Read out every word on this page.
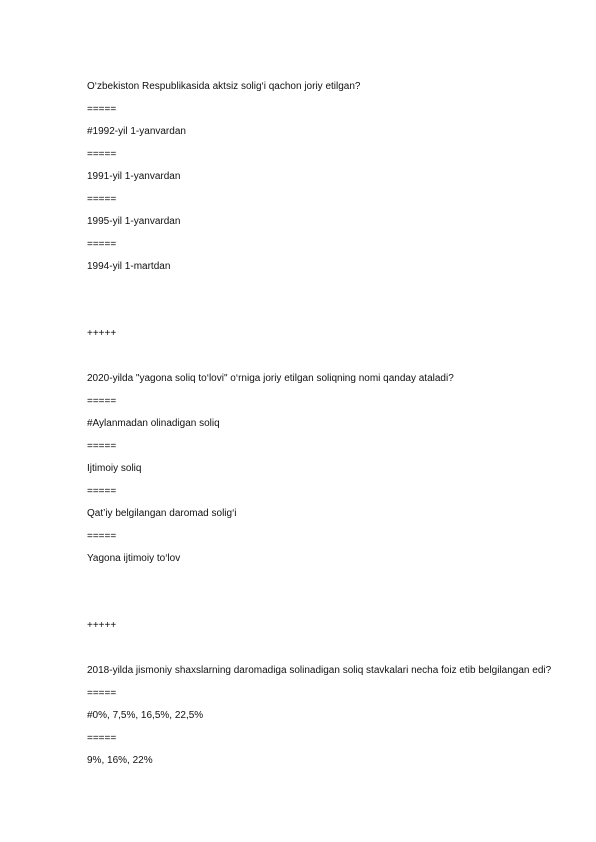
O‘zbekiston Respublikasida aktsiz solig‘i qachon joriy etilgan?
=====
#1992-yil 1-yanvardan
=====
1991-yil 1-yanvardan
=====
1995-yil 1-yanvardan
=====
1994-yil 1-martdan
+++++
2020-yilda "yagona soliq to‘lovi" o‘rniga joriy etilgan soliqning nomi qanday ataladi?
=====
#Aylanmadan olinadigan soliq
=====
Ijtimoiy soliq
=====
Qat’iy belgilangan daromad solig‘i
=====
Yagona ijtimoiy to‘lov
+++++
2018-yilda jismoniy shaxslarning daromadiga solinadigan soliq stavkalari necha foiz etib belgilangan edi?
=====
#0%, 7,5%, 16,5%, 22,5%
=====
9%, 16%, 22%
